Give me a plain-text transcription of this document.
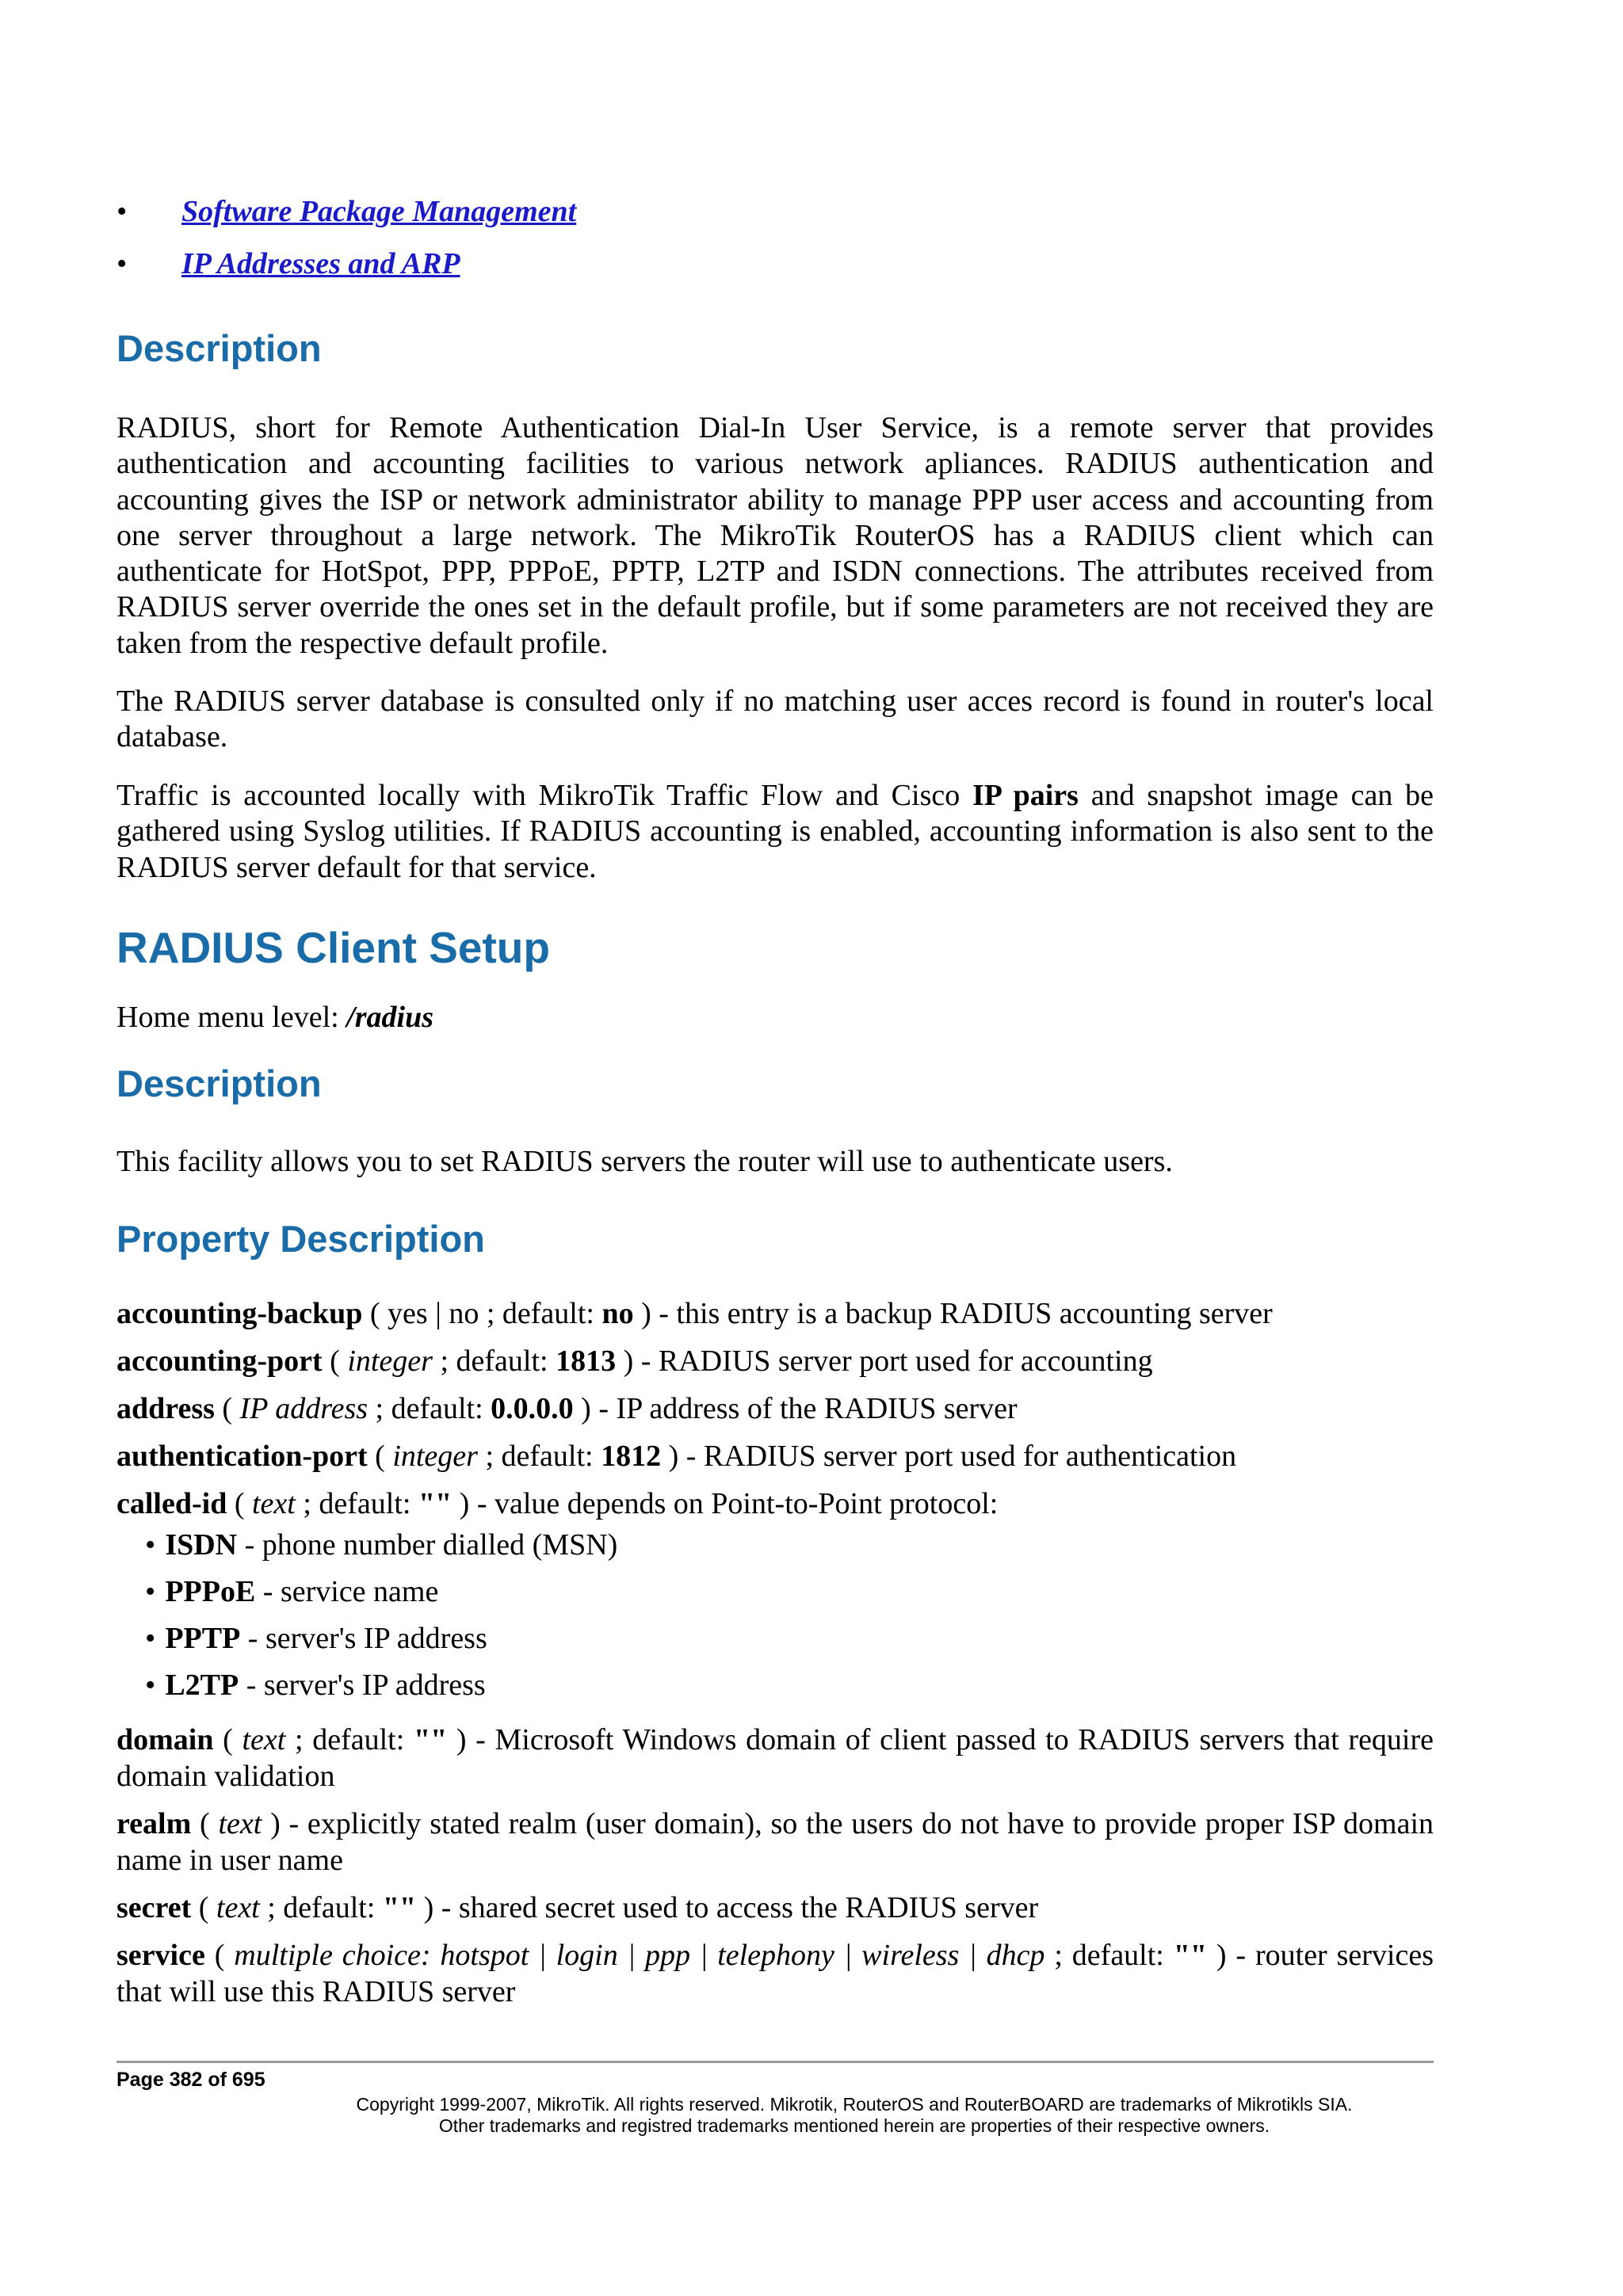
• Software Package Management
• IP Addresses and ARP
Description

RADIUS, short for Remote Authentication Dial-In User Service, is a remote server that provides authentication and accounting facilities to various network apliances. RADIUS authentication and accounting gives the ISP or network administrator ability to manage PPP user access and accounting from one server throughout a large network. The MikroTik RouterOS has a RADIUS client which can authenticate for HotSpot, PPP, PPPoE, PPTP, L2TP and ISDN connections. The attributes received from RADIUS server override the ones set in the default profile, but if some parameters are not received they are taken from the respective default profile.

The RADIUS server database is consulted only if no matching user acces record is found in router's local database.

Traffic is accounted locally with MikroTik Traffic Flow and Cisco IP pairs and snapshot image can be gathered using Syslog utilities. If RADIUS accounting is enabled, accounting information is also sent to the RADIUS server default for that service.

RADIUS Client Setup

Home menu level: /radius

Description

This facility allows you to set RADIUS servers the router will use to authenticate users.

Property Description

accounting-backup ( yes | no ; default: no ) - this entry is a backup RADIUS accounting server

accounting-port ( integer ; default: 1813 ) - RADIUS server port used for accounting

address ( IP address ; default: 0.0.0.0 ) - IP address of the RADIUS server

authentication-port ( integer ; default: 1812 ) - RADIUS server port used for authentication

called-id ( text ; default: "" ) - value depends on Point-to-Point protocol:

• ISDN - phone number dialled (MSN)

• PPPoE - service name

• PPTP - server's IP address

• L2TP - server's IP address

domain ( text ; default: "" ) - Microsoft Windows domain of client passed to RADIUS servers that require domain validation

realm ( text ) - explicitly stated realm (user domain), so the users do not have to provide proper ISP domain name in user name

secret ( text ; default: "" ) - shared secret used to access the RADIUS server

service ( multiple choice: hotspot | login | ppp | telephony | wireless | dhcp ; default: "" ) - router services that will use this RADIUS server

Page 382 of 695
Copyright 1999-2007, MikroTik. All rights reserved. Mikrotik, RouterOS and RouterBOARD are trademarks of Mikrotikls SIA.
Other trademarks and registred trademarks mentioned herein are properties of their respective owners.
